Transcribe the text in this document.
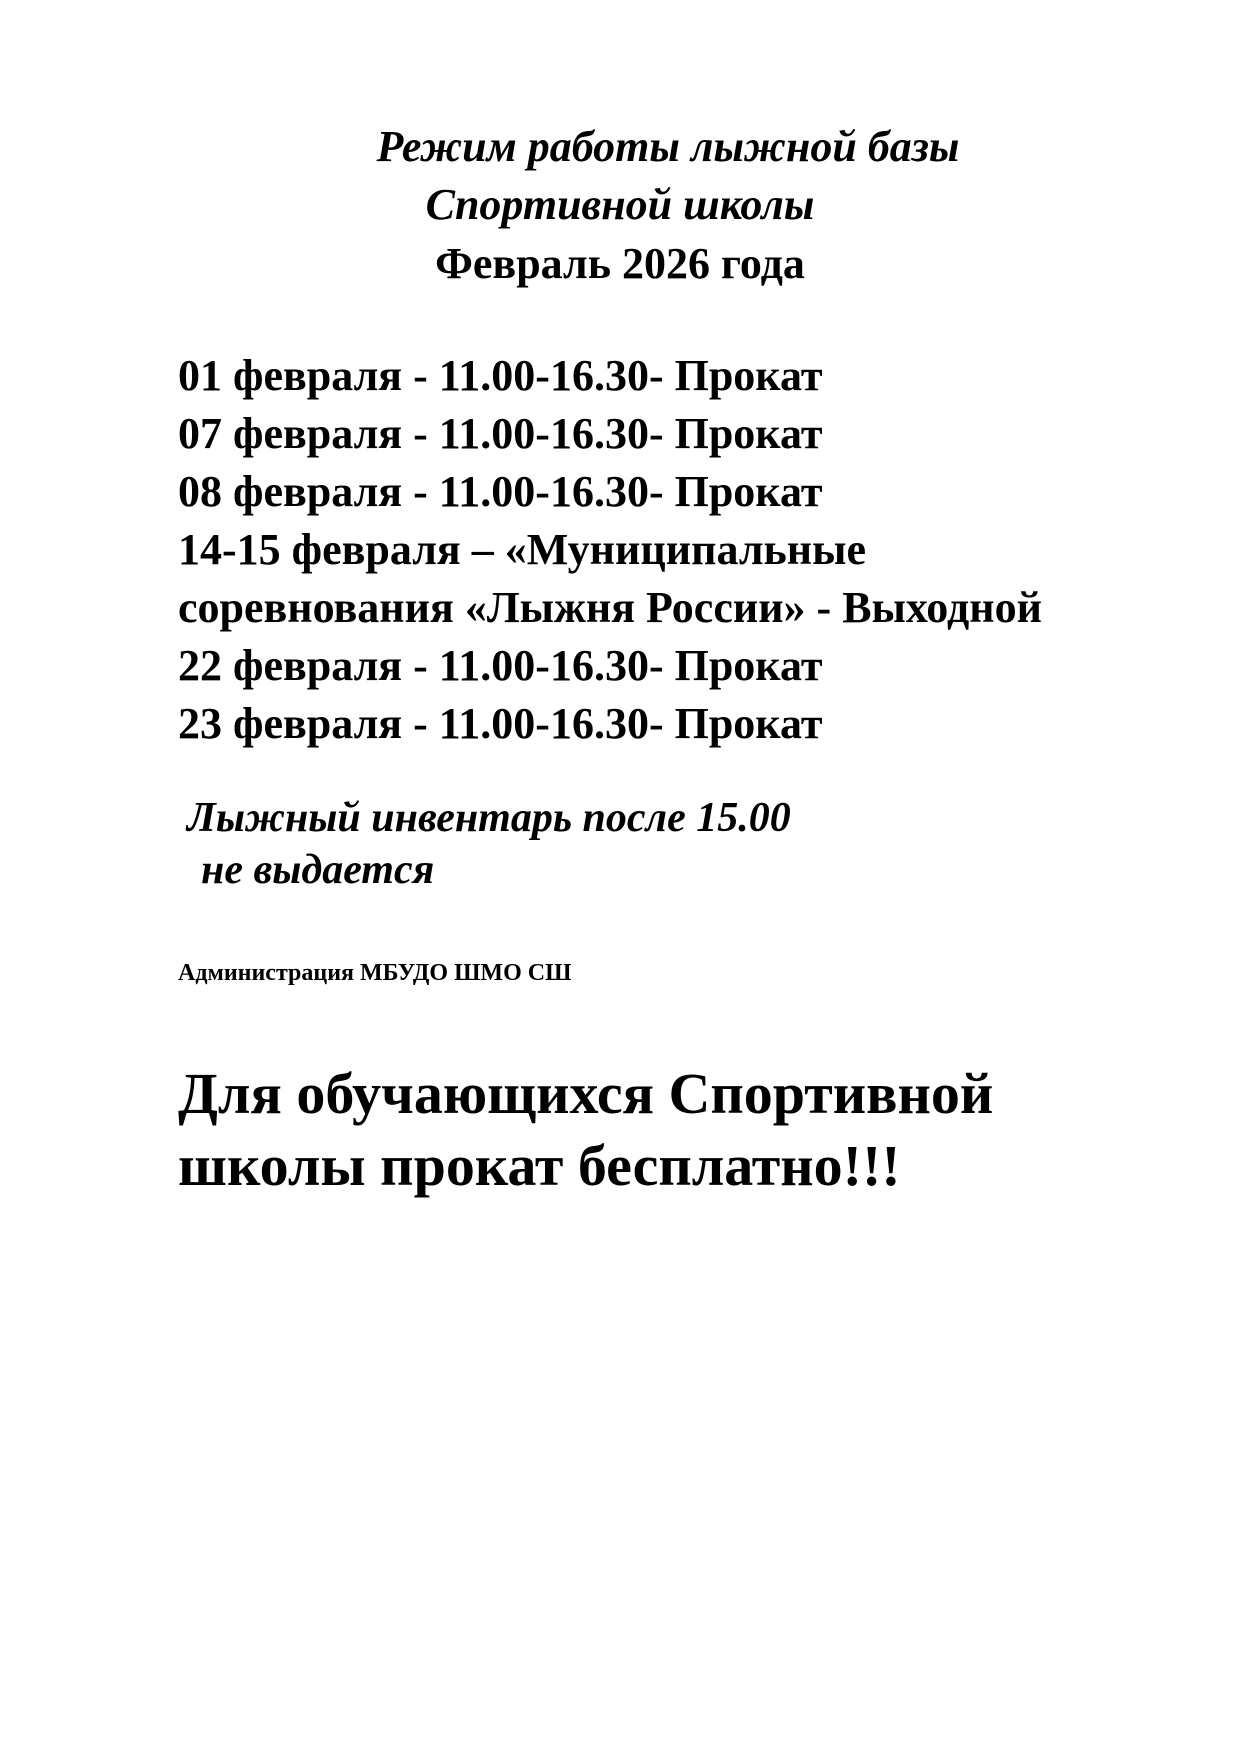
Режим работы лыжной базы
Спортивной школы
Февраль 2026 года
01 февраля - 11.00-16.30- Прокат
07 февраля - 11.00-16.30- Прокат
08 февраля - 11.00-16.30- Прокат
14-15 февраля – «Муниципальные
соревнования «Лыжня России» - Выходной
22 февраля - 11.00-16.30- Прокат
23 февраля - 11.00-16.30- Прокат
Лыжный инвентарь после 15.00
не выдается
Администрация МБУДО ШМО СШ
Для обучающихся Спортивной
школы прокат бесплатно!!!
